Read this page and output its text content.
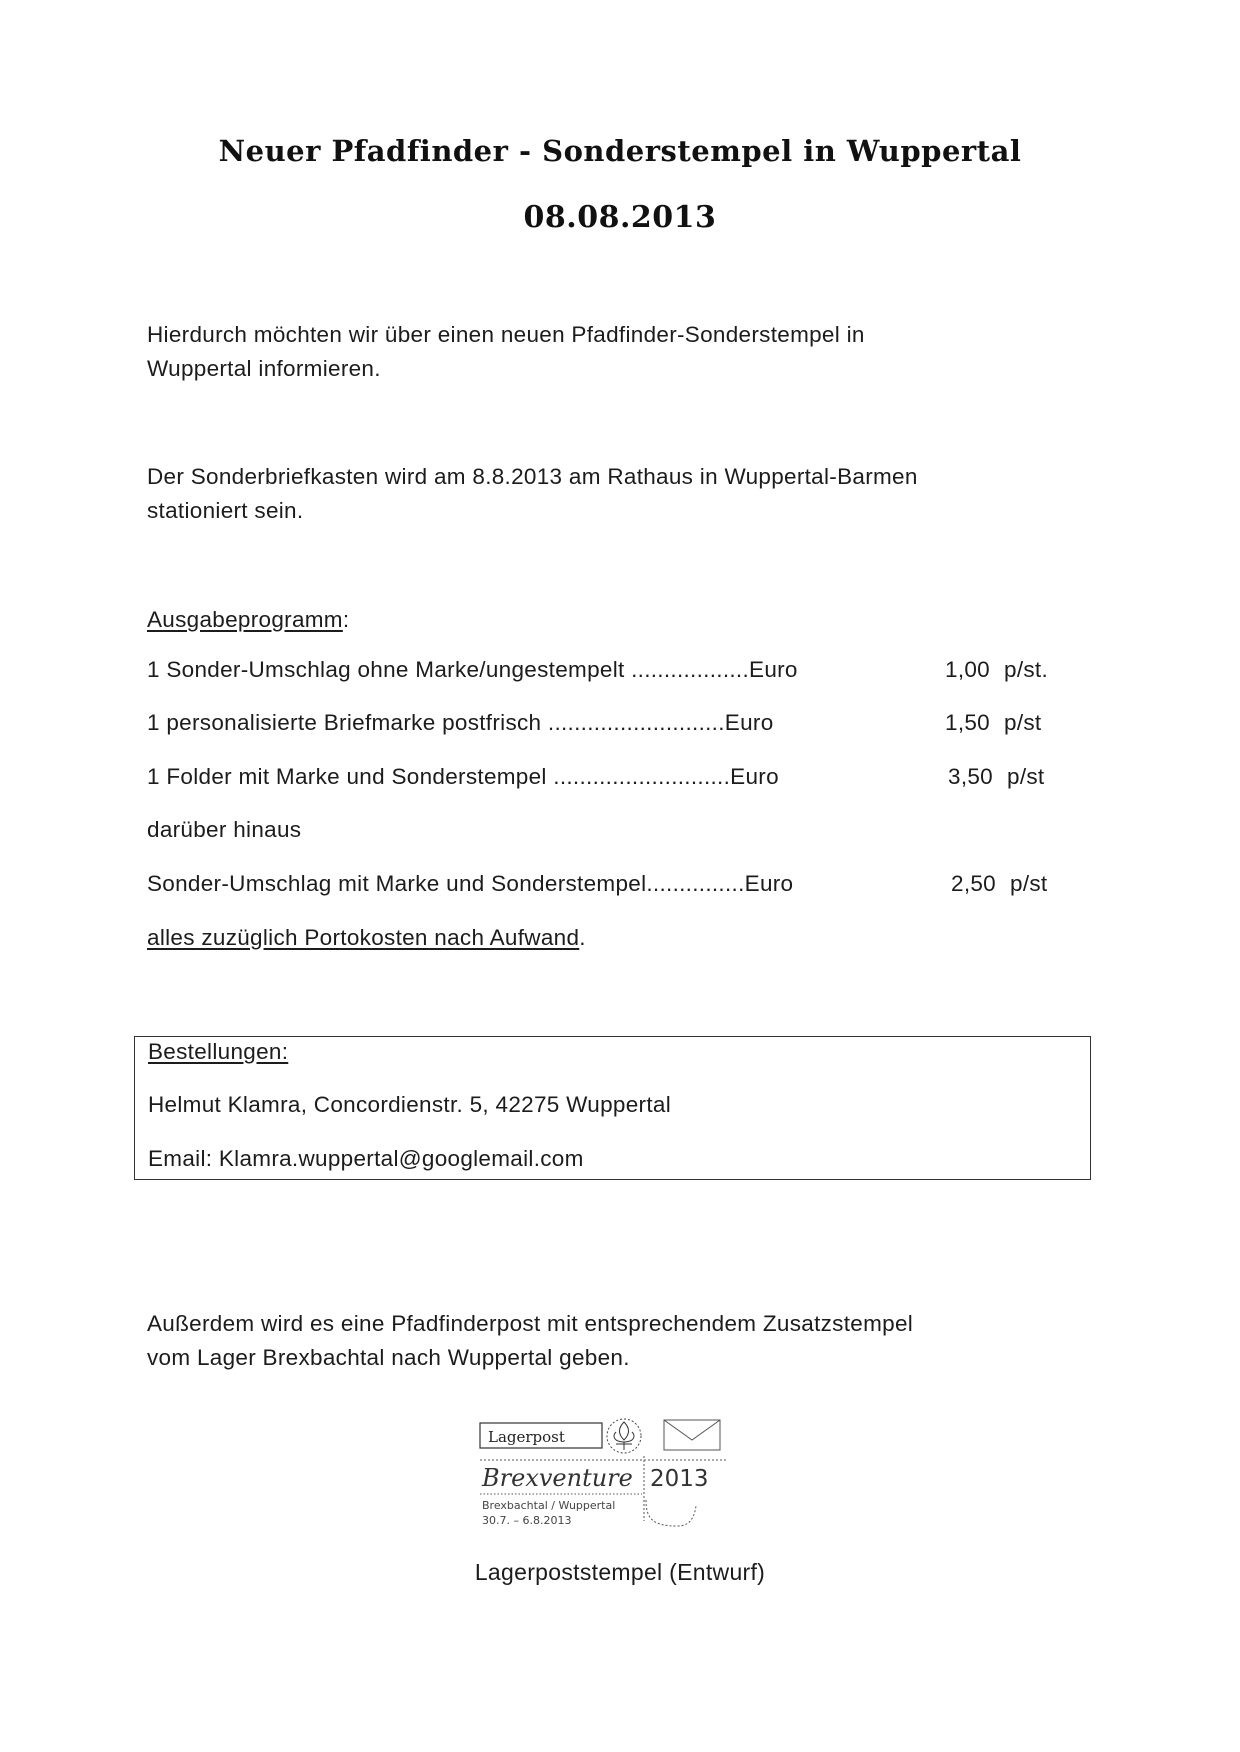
Neuer Pfadfinder - Sonderstempel in Wuppertal
08.08.2013
Hierdurch möchten wir über einen neuen Pfadfinder-Sonderstempel in
Wuppertal informieren.
Der Sonderbriefkasten wird am 8.8.2013 am Rathaus in Wuppertal-Barmen
stationiert sein.
Ausgabeprogramm:
1 Sonder-Umschlag ohne Marke/ungestempelt ..................Euro	1,00 p/st.
1 personalisierte Briefmarke postfrisch ...........................Euro	1,50 p/st
1 Folder mit Marke und Sonderstempel ...........................Euro	3,50 p/st
darüber hinaus
Sonder-Umschlag mit Marke und Sonderstempel...............Euro	2,50 p/st
alles zuzüglich Portokosten nach Aufwand.
Bestellungen:
Helmut Klamra, Concordienstr. 5, 42275 Wuppertal
Email: Klamra.wuppertal@googlemail.com
Außerdem wird es eine Pfadfinderpost mit entsprechendem Zusatzstempel
vom Lager Brexbachtal nach Wuppertal geben.
Lagerpost
Brexventure 2013
Brexbachtal / Wuppertal
30.7. – 6.8.2013
Lagerpoststempel (Entwurf)
